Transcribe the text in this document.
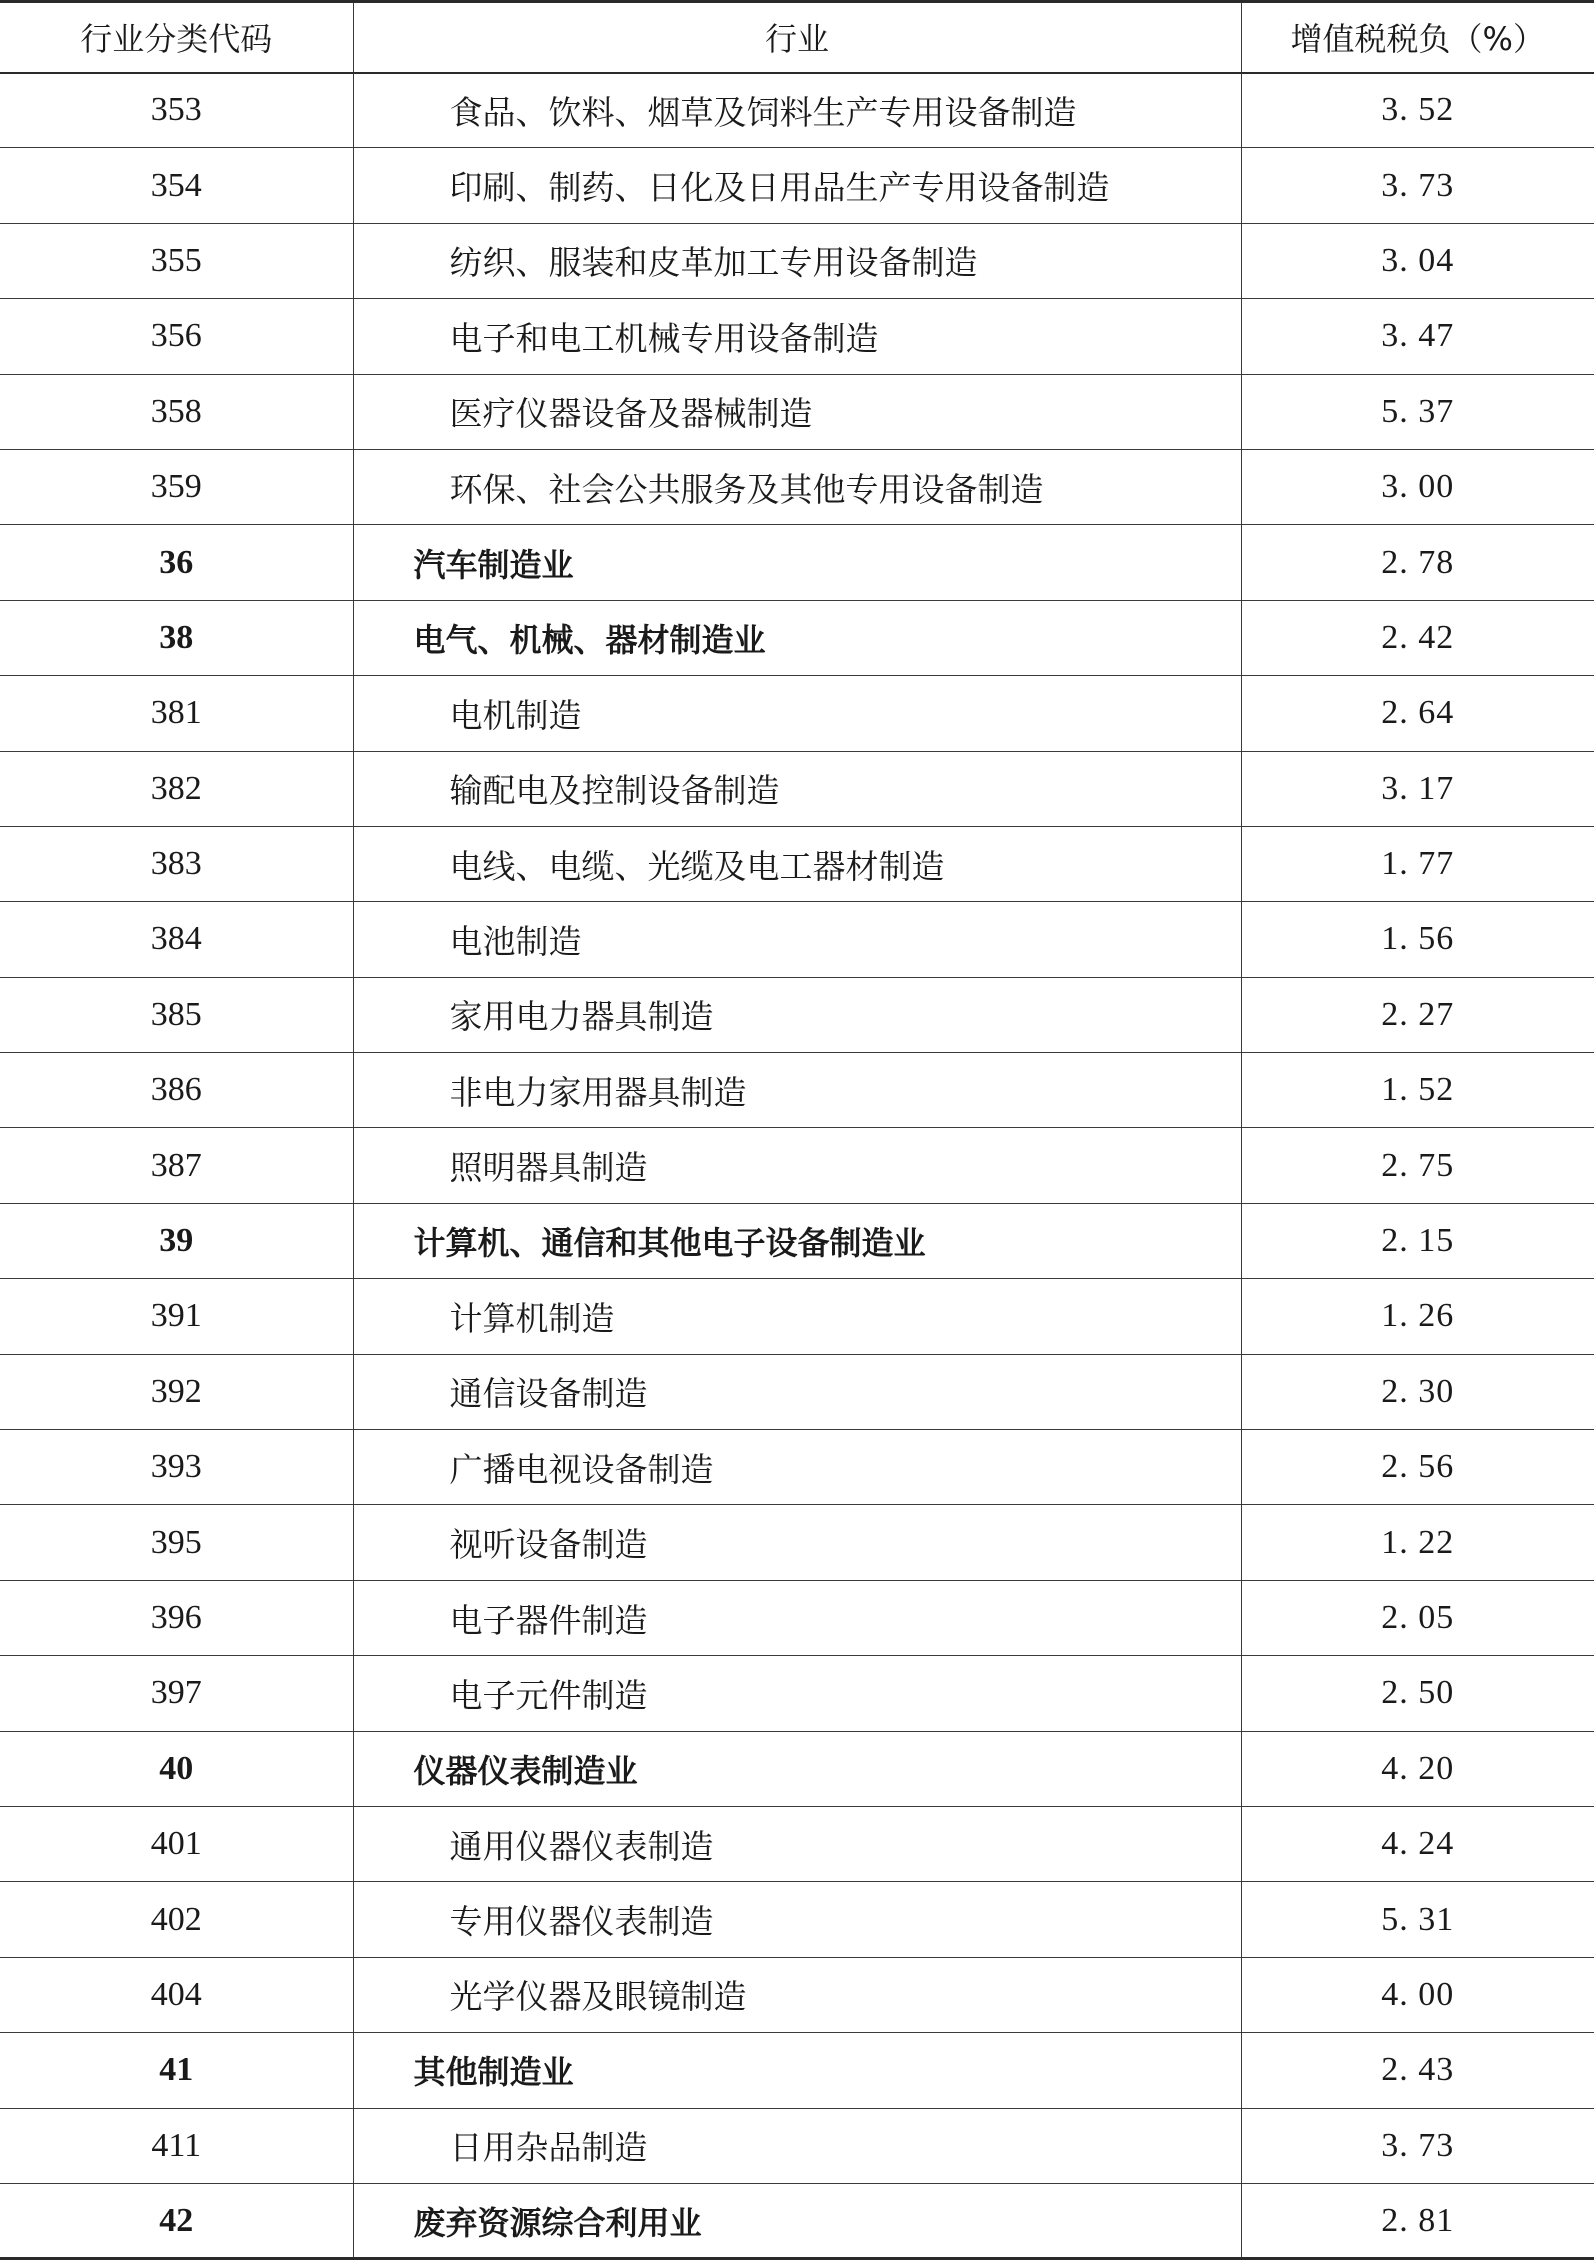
行业分类代码	行业	增值税税负（%）
353	食品、饮料、烟草及饲料生产专用设备制造	3. 52
354	印刷、制药、日化及日用品生产专用设备制造	3. 73
355	纺织、服装和皮革加工专用设备制造	3. 04
356	电子和电工机械专用设备制造	3. 47
358	医疗仪器设备及器械制造	5. 37
359	环保、社会公共服务及其他专用设备制造	3. 00
36	汽车制造业	2. 78
38	电气、机械、器材制造业	2. 42
381	电机制造	2. 64
382	输配电及控制设备制造	3. 17
383	电线、电缆、光缆及电工器材制造	1. 77
384	电池制造	1. 56
385	家用电力器具制造	2. 27
386	非电力家用器具制造	1. 52
387	照明器具制造	2. 75
39	计算机、通信和其他电子设备制造业	2. 15
391	计算机制造	1. 26
392	通信设备制造	2. 30
393	广播电视设备制造	2. 56
395	视听设备制造	1. 22
396	电子器件制造	2. 05
397	电子元件制造	2. 50
40	仪器仪表制造业	4. 20
401	通用仪器仪表制造	4. 24
402	专用仪器仪表制造	5. 31
404	光学仪器及眼镜制造	4. 00
41	其他制造业	2. 43
411	日用杂品制造	3. 73
42	废弃资源综合利用业	2. 81
